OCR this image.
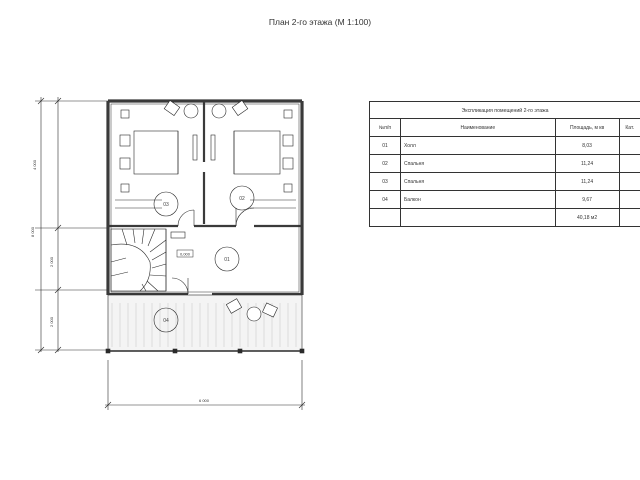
План 2-го этажа (М 1:100)
03
02
01
04
0,000
4 000
8 000
2 000
2 000
6 000
Экспликация помещений 2-го этажа
№п/п	Наименование	Площадь, м кв	Кат.
01	Холл	8,03	
02	Спальня	11,24	
03	Спальня	11,24	
04	Балкон	9,67	
		40,18 м2	
